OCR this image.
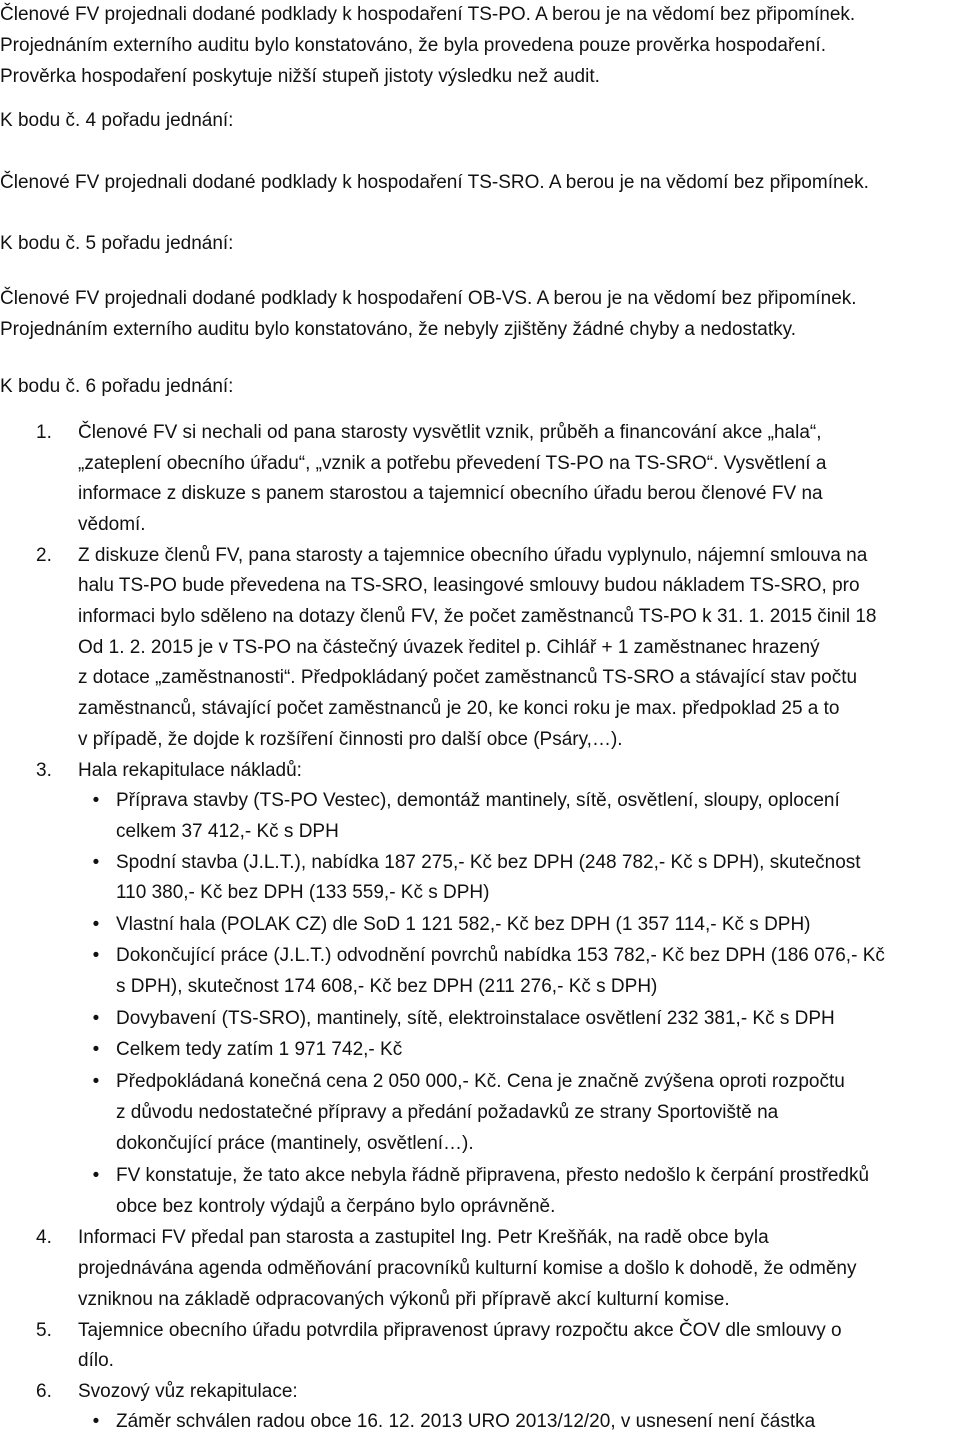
Členové FV projednali dodané podklady k hospodaření TS-PO. A berou je na vědomí bez připomínek.
Projednáním externího auditu bylo konstatováno, že byla provedena pouze prověrka hospodaření.
Prověrka hospodaření poskytuje nižší stupeň jistoty výsledku než audit.
K bodu č. 4 pořadu jednání:
Členové FV projednali dodané podklady k hospodaření TS-SRO. A berou je na vědomí bez připomínek.
K bodu č. 5 pořadu jednání:
Členové FV projednali dodané podklady k hospodaření OB-VS. A berou je na vědomí bez připomínek.
Projednáním externího auditu bylo konstatováno, že nebyly zjištěny žádné chyby a nedostatky.
K bodu č. 6 pořadu jednání:
1.	Členové FV si nechali od pana starosty vysvětlit vznik, průběh a financování akce „hala“,
„zateplení obecního úřadu“, „vznik a potřebu převedení TS-PO na TS-SRO“. Vysvětlení a
informace z diskuze s panem starostou a tajemnicí obecního úřadu berou členové FV na
vědomí.
2.	Z diskuze členů FV, pana starosty a tajemnice obecního úřadu vyplynulo, nájemní smlouva na
halu TS-PO bude převedena na TS-SRO, leasingové smlouvy budou nákladem TS-SRO, pro
informaci bylo sděleno na dotazy členů FV, že počet zaměstnanců TS-PO k 31. 1. 2015 činil 18
Od 1. 2. 2015 je v TS-PO na částečný úvazek ředitel p. Cihlář + 1 zaměstnanec hrazený
z dotace „zaměstnanosti“. Předpokládaný počet zaměstnanců TS-SRO a stávající stav počtu
zaměstnanců, stávající počet zaměstnanců je 20, ke konci roku je max. předpoklad 25 a to
v případě, že dojde k rozšíření činnosti pro další obce (Psáry,…).
3.	Hala rekapitulace nákladů:
• Příprava stavby (TS-PO Vestec), demontáž mantinely, sítě, osvětlení, sloupy, oplocení
celkem 37 412,- Kč s DPH
• Spodní stavba (J.L.T.), nabídka 187 275,- Kč bez DPH (248 782,- Kč s DPH), skutečnost
110 380,- Kč bez DPH (133 559,- Kč s DPH)
• Vlastní hala (POLAK CZ) dle SoD 1 121 582,- Kč bez DPH (1 357 114,- Kč s DPH)
• Dokončující práce (J.L.T.) odvodnění povrchů nabídka 153 782,- Kč bez DPH (186 076,- Kč
s DPH), skutečnost 174 608,- Kč bez DPH (211 276,- Kč s DPH)
• Dovybavení (TS-SRO), mantinely, sítě, elektroinstalace osvětlení 232 381,- Kč s DPH
• Celkem tedy zatím 1 971 742,- Kč
• Předpokládaná konečná cena 2 050 000,- Kč. Cena je značně zvýšena oproti rozpočtu
z důvodu nedostatečné přípravy a předání požadavků ze strany Sportoviště na
dokončující práce (mantinely, osvětlení…).
• FV konstatuje, že tato akce nebyla řádně připravena, přesto nedošlo k čerpání prostředků
obce bez kontroly výdajů a čerpáno bylo oprávněně.
4.	Informaci FV předal pan starosta a zastupitel Ing. Petr Krešňák, na radě obce byla
projednávána agenda odměňování pracovníků kulturní komise a došlo k dohodě, že odměny
vzniknou na základě odpracovaných výkonů při přípravě akcí kulturní komise.
5.	Tajemnice obecního úřadu potvrdila připravenost úpravy rozpočtu akce ČOV dle smlouvy o
dílo.
6.	Svozový vůz rekapitulace:
• Záměr schválen radou obce 16. 12. 2013 URO 2013/12/20, v usnesení není částka
